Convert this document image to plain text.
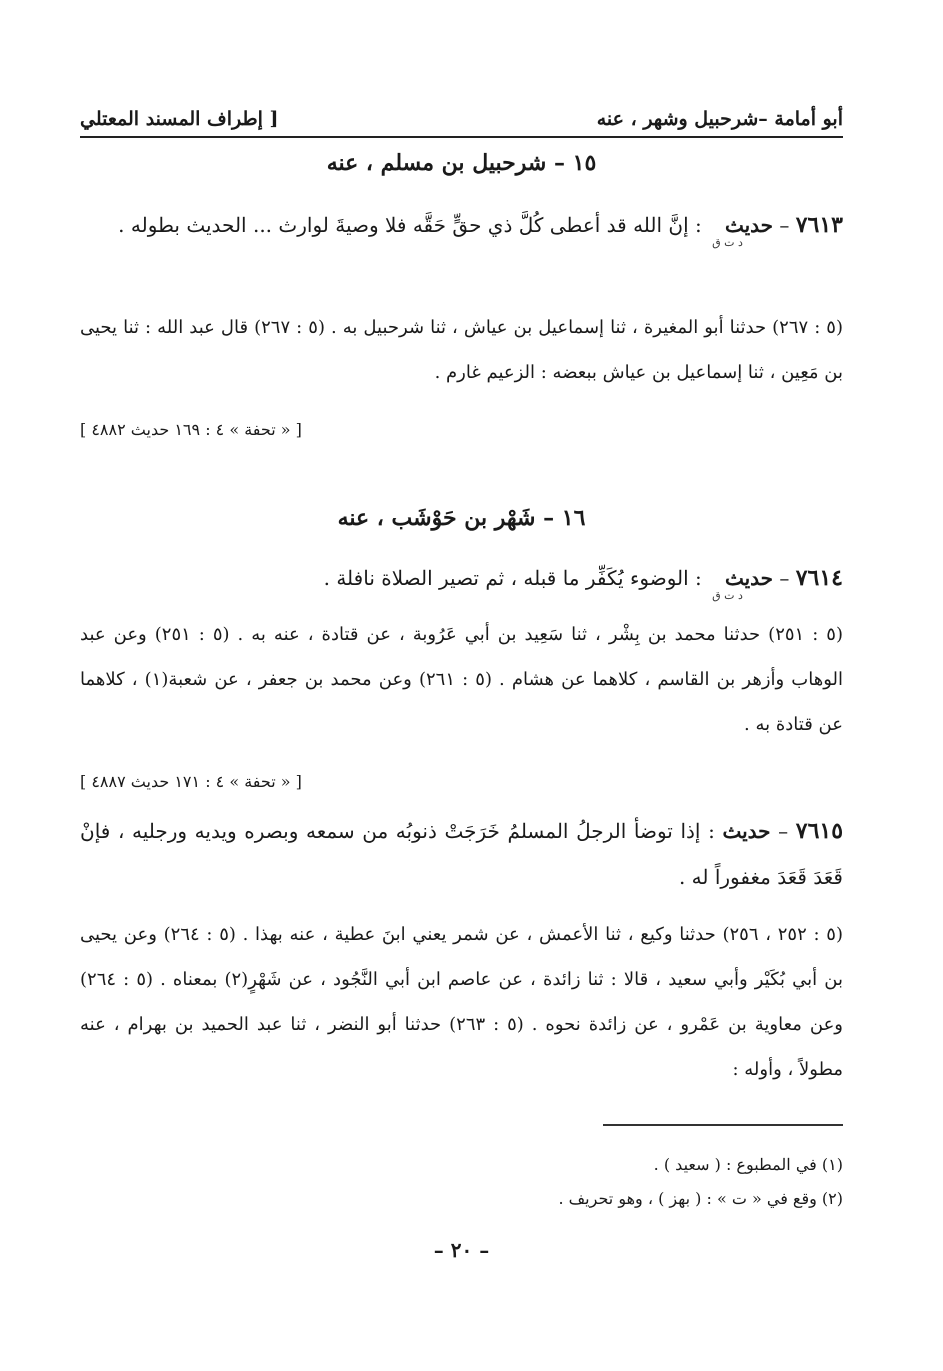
أبو أمامة –شرحبيل وشهر ، عنه
[ إطراف المسند المعتلي
١٥ – شرحبيل بن مسلم ، عنه
٧٦١٣ – حديثد ت ق : إنَّ الله قد أعطى كُلَّ ذي حقٍّ حَقَّه فلا وصيةَ لوارث ... الحديث بطوله .
(٥ : ٢٦٧) حدثنا أبو المغيرة ، ثنا إسماعيل بن عياش ، ثنا شرحبيل به . (٥ : ٢٦٧) قال عبد الله : ثنا يحيى بن مَعِين ، ثنا إسماعيل بن عياش ببعضه : الزعيم غارم .
[ « تحفة » ٤ : ١٦٩ حديث ٤٨٨٢ ]
١٦ – شَهْر بن حَوْشَب ، عنه
٧٦١٤ – حديثد ت ق : الوضوء يُكَفِّر ما قبله ، ثم تصير الصلاة نافلة .
(٥ : ٢٥١) حدثنا محمد بن بِشْر ، ثنا سَعِيد بن أبي عَرُوبة ، عن قتادة ، عنه به . (٥ : ٢٥١) وعن عبد الوهاب وأزهر بن القاسم ، كلاهما عن هشام . (٥ : ٢٦١) وعن محمد بن جعفر ، عن شعبة(١) ، كلاهما عن قتادة به .
[ « تحفة » ٤ : ١٧١ حديث ٤٨٨٧ ]
٧٦١٥ – حديث : إذا توضأ الرجلُ المسلمُ خَرَجَتْ ذنوبُه من سمعه وبصره ويديه ورجليه ، فإنْ قَعَدَ قَعَدَ مغفوراً له .
(٥ : ٢٥٢ ، ٢٥٦) حدثنا وكيع ، ثنا الأعمش ، عن شمر يعني ابنَ عطية ، عنه بهذا . (٥ : ٢٦٤) وعن يحيى بن أبي بُكَيْر وأبي سعيد ، قالا : ثنا زائدة ، عن عاصم ابن أبي النَّجُود ، عن شَهْرٍ(٢) بمعناه . (٥ : ٢٦٤) وعن معاوية بن عَمْرو ، عن زائدة نحوه . (٥ : ٢٦٣) حدثنا أبو النضر ، ثنا عبد الحميد بن بهرام ، عنه مطولاً ، وأوله :
(١) في المطبوع : ( سعيد ) .
(٢) وقع في « ت » : ( بهز ) ، وهو تحريف .
– ٢٠ –
